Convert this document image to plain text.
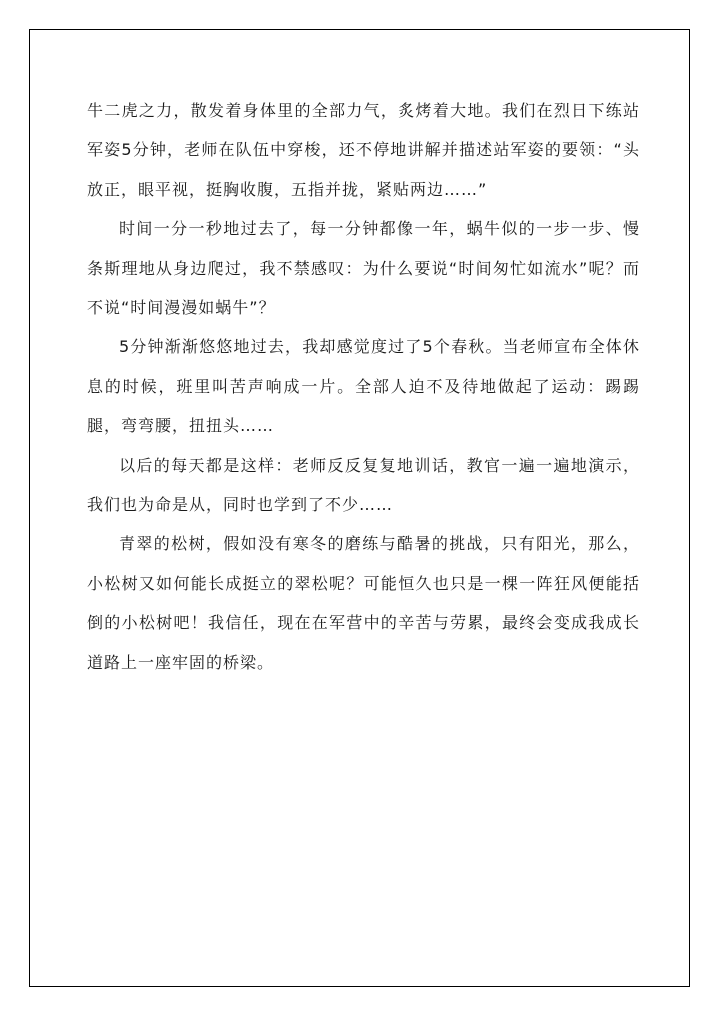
牛二虎之力，散发着身体里的全部力气，炙烤着大地。我们在烈日下练站军姿5分钟，老师在队伍中穿梭，还不停地讲解并描述站军姿的要领：“头放正，眼平视，挺胸收腹，五指并拢，紧贴两边……”

时间一分一秒地过去了，每一分钟都像一年，蜗牛似的一步一步、慢条斯理地从身边爬过，我不禁感叹：为什么要说“时间匆忙如流水”呢？而不说“时间漫漫如蜗牛”？

5分钟渐渐悠悠地过去，我却感觉度过了5个春秋。当老师宣布全体休息的时候，班里叫苦声响成一片。全部人迫不及待地做起了运动：踢踢腿，弯弯腰，扭扭头……

以后的每天都是这样：老师反反复复地训话，教官一遍一遍地演示，我们也为命是从，同时也学到了不少……

青翠的松树，假如没有寒冬的磨练与酷暑的挑战，只有阳光，那么，小松树又如何能长成挺立的翠松呢？可能恒久也只是一棵一阵狂风便能括倒的小松树吧！我信任，现在在军营中的辛苦与劳累，最终会变成我成长道路上一座牢固的桥梁。
